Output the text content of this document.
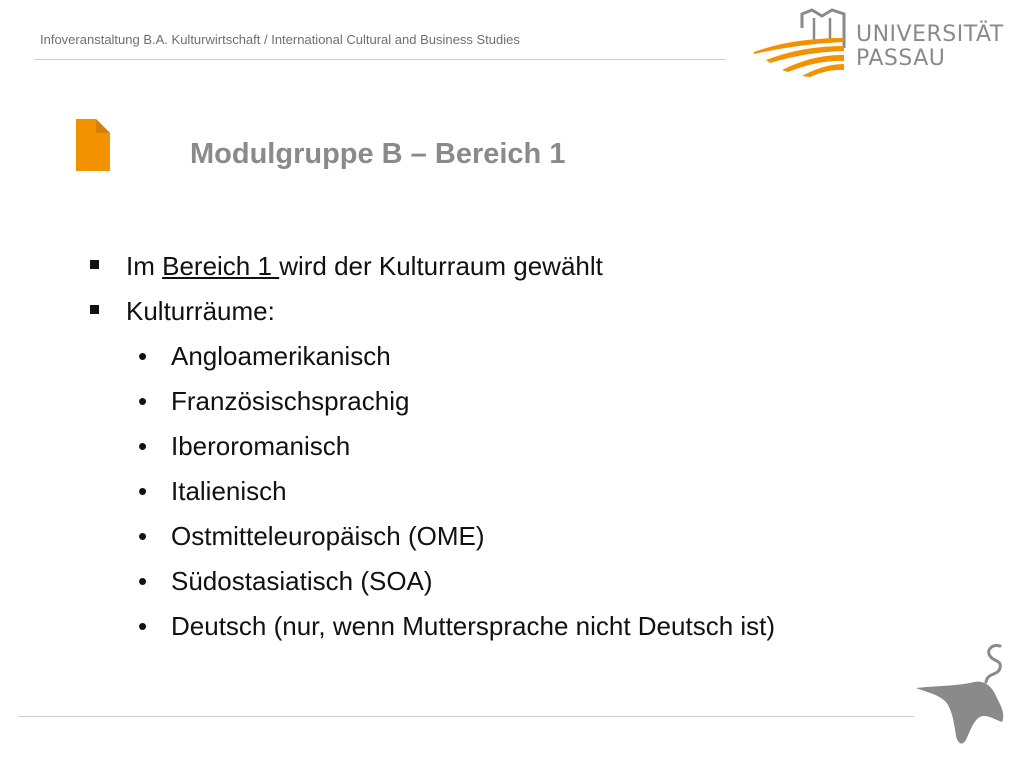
Infoveranstaltung B.A. Kulturwirtschaft / International Cultural and Business Studies	UNIVERSITÄT
PASSAU
Modulgruppe B – Bereich 1
Im Bereich 1 wird der Kulturraum gewählt
Kulturräume:
• Angloamerikanisch
• Französischsprachig
• Iberoromanisch
• Italienisch
• Ostmitteleuropäisch (OME)
• Südostasiatisch (SOA)
• Deutsch (nur, wenn Muttersprache nicht Deutsch ist)
